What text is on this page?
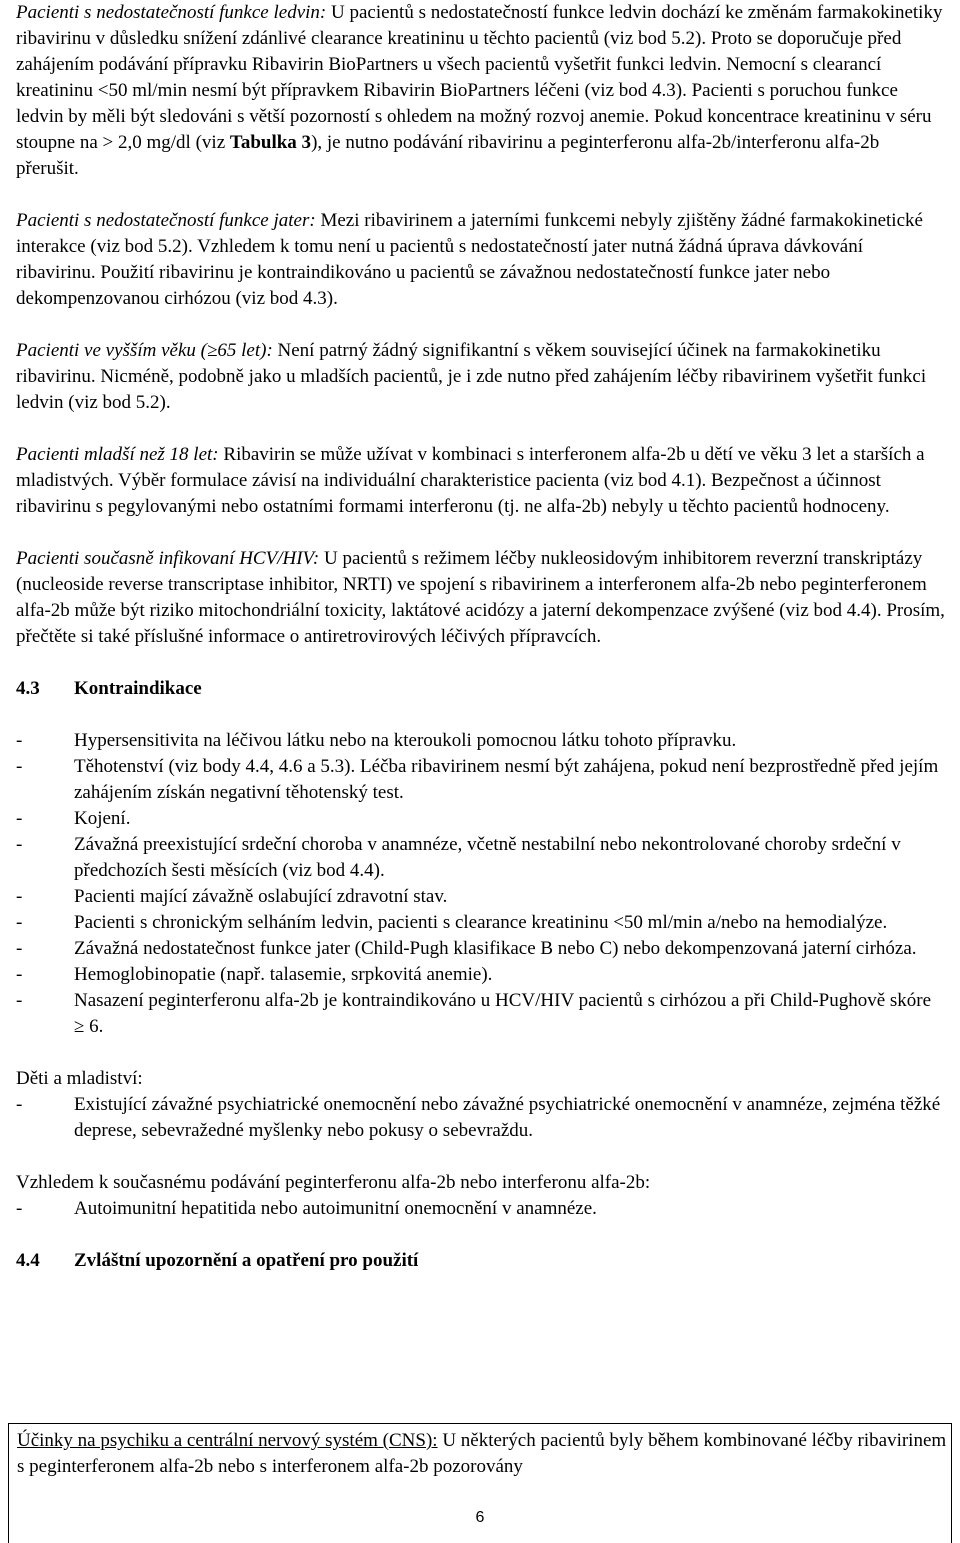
Pacienti s nedostatečností funkce ledvin: U pacientů s nedostatečností funkce ledvin dochází ke změnám farmakokinetiky ribavirinu v důsledku snížení zdánlivé clearance kreatininu u těchto pacientů (viz bod 5.2). Proto se doporučuje před zahájením podávání přípravku Ribavirin BioPartners u všech pacientů vyšetřit funkci ledvin. Nemocní s clearancí kreatininu <50 ml/min nesmí být přípravkem Ribavirin BioPartners léčeni (viz bod 4.3). Pacienti s poruchou funkce ledvin by měli být sledováni s větší pozorností s ohledem na možný rozvoj anemie. Pokud koncentrace kreatininu v séru stoupne na > 2,0 mg/dl (viz Tabulka 3), je nutno podávání ribavirinu a peginterferonu alfa-2b/interferonu alfa-2b přerušit.

Pacienti s nedostatečností funkce jater: Mezi ribavirinem a jaterními funkcemi nebyly zjištěny žádné farmakokinetické interakce (viz bod 5.2). Vzhledem k tomu není u pacientů s nedostatečností jater nutná žádná úprava dávkování ribavirinu. Použití ribavirinu je kontraindikováno u pacientů se závažnou nedostatečností funkce jater nebo dekompenzovanou cirhózou (viz bod 4.3).

Pacienti ve vyšším věku (≥65 let): Není patrný žádný signifikantní s věkem související účinek na farmakokinetiku ribavirinu. Nicméně, podobně jako u mladších pacientů, je i zde nutno před zahájením léčby ribavirinem vyšetřit funkci ledvin (viz bod 5.2).

Pacienti mladší než 18 let: Ribavirin se může užívat v kombinaci s interferonem alfa-2b u dětí ve věku 3 let a starších a mladistvých. Výběr formulace závisí na individuální charakteristice pacienta (viz bod 4.1). Bezpečnost a účinnost ribavirinu s pegylovanými nebo ostatními formami interferonu (tj. ne alfa-2b) nebyly u těchto pacientů hodnoceny.

Pacienti současně infikovaní HCV/HIV: U pacientů s režimem léčby nukleosidovým inhibitorem reverzní transkriptázy (nucleoside reverse transcriptase inhibitor, NRTI) ve spojení s ribavirinem a interferonem alfa-2b nebo peginterferonem alfa-2b může být riziko mitochondriální toxicity, laktátové acidózy a jaterní dekompenzace zvýšené (viz bod 4.4). Prosím, přečtěte si také příslušné informace o antiretrovirových léčivých přípravcích.

4.3	Kontraindikace
-	Hypersensitivita na léčivou látku nebo na kteroukoli pomocnou látku tohoto přípravku.
-	Těhotenství (viz body 4.4, 4.6 a 5.3). Léčba ribavirinem nesmí být zahájena, pokud není bezprostředně před jejím zahájením získán negativní těhotenský test.
-	Kojení.
-	Závažná preexistující srdeční choroba v anamnéze, včetně nestabilní nebo nekontrolované choroby srdeční v předchozích šesti měsících (viz bod 4.4).
-	Pacienti mající závažně oslabující zdravotní stav.
-	Pacienti s chronickým selháním ledvin, pacienti s clearance kreatininu <50 ml/min a/nebo na hemodialýze.
-	Závažná nedostatečnost funkce jater (Child-Pugh klasifikace B nebo C) nebo dekompenzovaná jaterní cirhóza.
-	Hemoglobinopatie (např. talasemie, srpkovitá anemie).
-	Nasazení peginterferonu alfa-2b je kontraindikováno u HCV/HIV pacientů s cirhózou a při Child-Pughově skóre ≥ 6.

Děti a mladiství:

-	Existující závažné psychiatrické onemocnění nebo závažné psychiatrické onemocnění v anamnéze, zejména těžké deprese, sebevražedné myšlenky nebo pokusy o sebevraždu.

Vzhledem k současnému podávání peginterferonu alfa-2b nebo interferonu alfa-2b:

-	Autoimunitní hepatitida nebo autoimunitní onemocnění v anamnéze.
4.4	Zvláštní upozornění a opatření pro použití
Účinky na psychiku a centrální nervový systém (CNS): U některých pacientů byly během kombinované léčby ribavirinem s peginterferonem alfa-2b nebo s interferonem alfa-2b pozorovány
6
